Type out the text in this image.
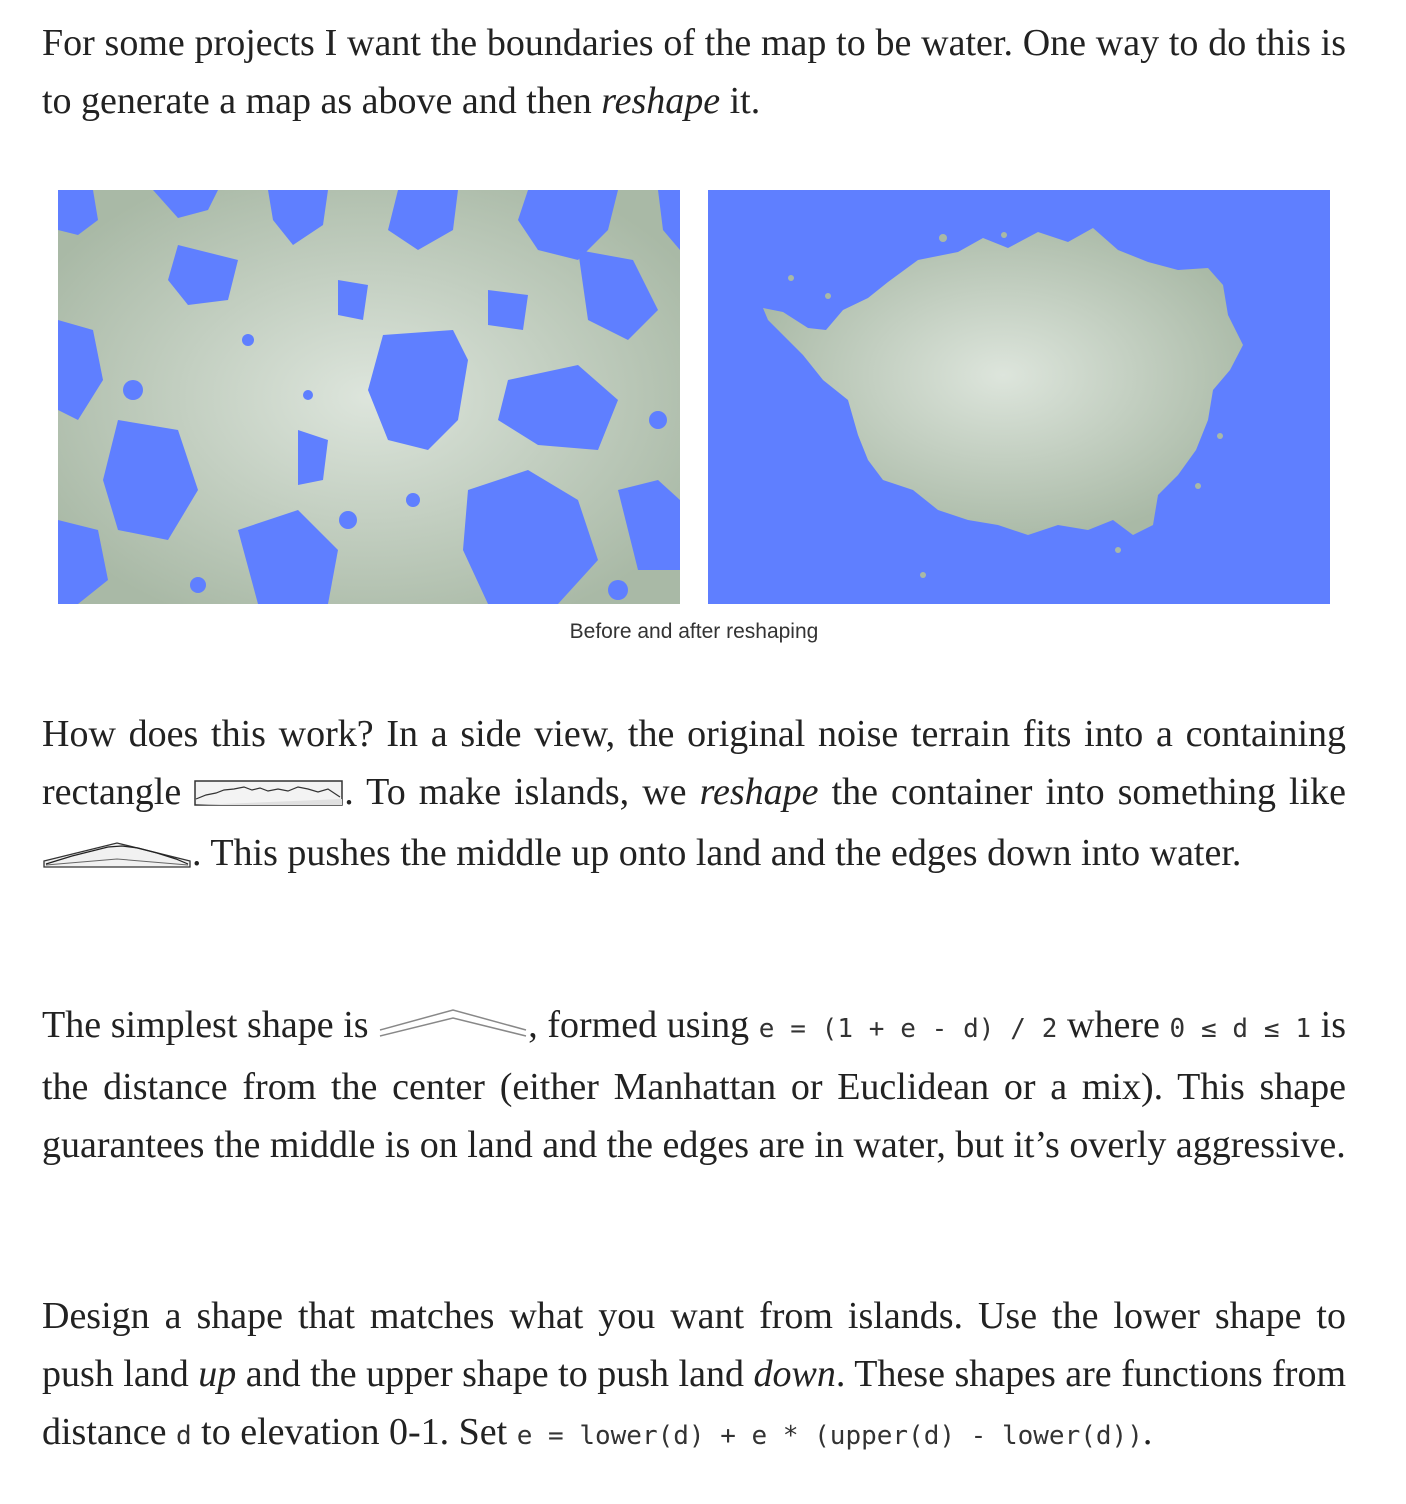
For some projects I want the boundaries of the map to be water. One way to do this is to generate a map as above and then reshape it.

Before and after reshaping

How does this work? In a side view, the original noise terrain fits into a containing rectangle	. To make islands, we reshape the container into something like . This pushes the middle up onto land and the edges down into water.

The simplest shape is	, formed using e = (1 + e - d) / 2 where 0 ≤ d ≤ 1 is the distance from the center (either Manhattan or Euclidean or a mix). This shape guarantees the middle is on land and the edges are in water, but it’s overly aggressive.

Design a shape that matches what you want from islands. Use the lower shape to push land up and the upper shape to push land down. These shapes are functions from distance d to elevation 0-1. Set e = lower(d) + e * (upper(d) - lower(d)).
